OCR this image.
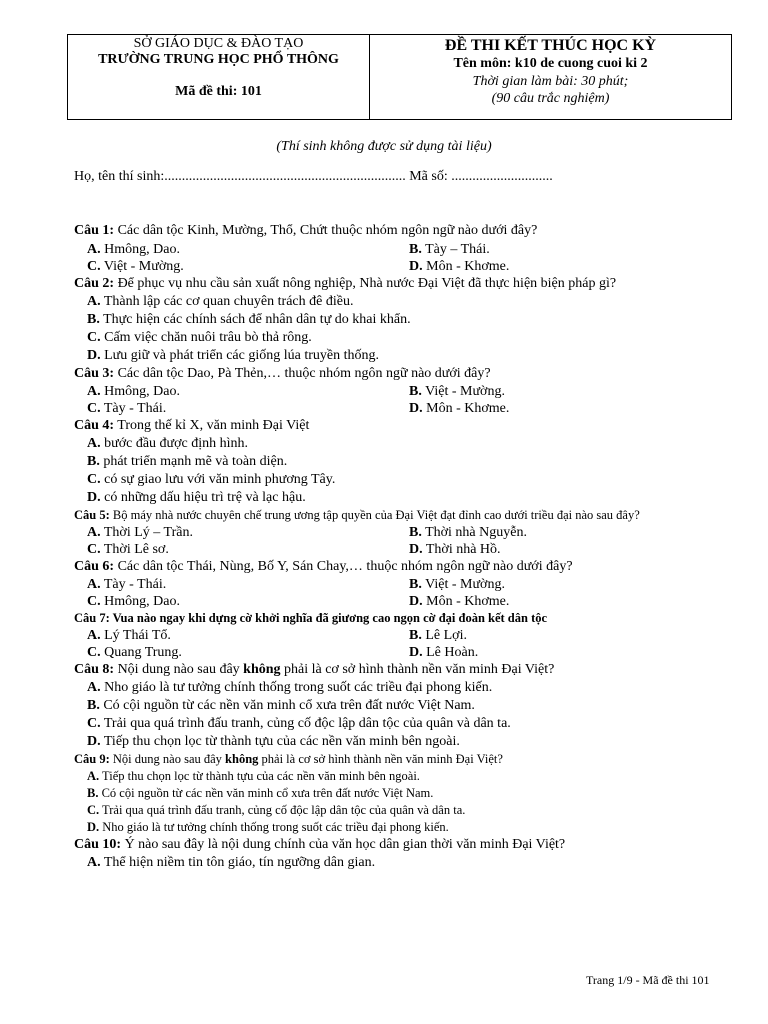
SỞ GIÁO DỤC & ĐÀO TẠO
TRƯỜNG TRUNG HỌC PHỔ THÔNG
Mã đề thi: 101
ĐỀ THI KẾT THÚC HỌC KỲ
Tên môn: k10 de cuong cuoi ki 2
Thời gian làm bài: 30 phút;
(90 câu trắc nghiệm)
(Thí sinh không được sử dụng tài liệu)
Họ, tên thí sinh:..................................................................... Mã số: .............................
Câu 1: Các dân tộc Kinh, Mường, Thổ, Chứt thuộc nhóm ngôn ngữ nào dưới đây?
A. Hmông, Dao.	B. Tày – Thái.
C. Việt - Mường.	D. Môn - Khơme.
Câu 2: Để phục vụ nhu cầu sản xuất nông nghiệp, Nhà nước Đại Việt đã thực hiện biện pháp gì?
A. Thành lập các cơ quan chuyên trách đê điều.
B. Thực hiện các chính sách để nhân dân tự do khai khẩn.
C. Cấm việc chăn nuôi trâu bò thả rông.
D. Lưu giữ và phát triển các giống lúa truyền thống.
Câu 3: Các dân tộc Dao, Pà Thẻn,… thuộc nhóm ngôn ngữ nào dưới đây?
A. Hmông, Dao.	B. Việt - Mường.
C. Tày - Thái.	D. Môn - Khơme.
Câu 4: Trong thế kỉ X, văn minh Đại Việt
A. bước đầu được định hình.
B. phát triển mạnh mẽ và toàn diện.
C. có sự giao lưu với văn minh phương Tây.
D. có những dấu hiệu trì trệ và lạc hậu.
Câu 5: Bộ máy nhà nước chuyên chế trung ương tập quyền của Đại Việt đạt đỉnh cao dưới triều đại nào sau đây?
A. Thời Lý – Trần.	B. Thời nhà Nguyễn.
C. Thời Lê sơ.	D. Thời nhà Hồ.
Câu 6: Các dân tộc Thái, Nùng, Bố Y, Sán Chay,… thuộc nhóm ngôn ngữ nào dưới đây?
A. Tày - Thái.	B. Việt - Mường.
C. Hmông, Dao.	D. Môn - Khơme.
Câu 7: Vua nào ngay khi dựng cờ khởi nghĩa đã giương cao ngọn cờ đại đoàn kết dân tộc
A. Lý Thái Tổ.	B. Lê Lợi.
C. Quang Trung.	D. Lê Hoàn.
Câu 8: Nội dung nào sau đây không phải là cơ sở hình thành nền văn minh Đại Việt?
A. Nho giáo là tư tưởng chính thống trong suốt các triều đại phong kiến.
B. Có cội nguồn từ các nền văn minh cổ xưa trên đất nước Việt Nam.
C. Trải qua quá trình đấu tranh, củng cố độc lập dân tộc của quân và dân ta.
D. Tiếp thu chọn lọc từ thành tựu của các nền văn minh bên ngoài.
Câu 9: Nội dung nào sau đây không phải là cơ sở hình thành nền văn minh Đại Việt?
A. Tiếp thu chọn lọc từ thành tựu của các nền văn minh bên ngoài.
B. Có cội nguồn từ các nền văn minh cổ xưa trên đất nước Việt Nam.
C. Trải qua quá trình đấu tranh, củng cố độc lập dân tộc của quân và dân ta.
D. Nho giáo là tư tưởng chính thống trong suốt các triều đại phong kiến.
Câu 10: Ý nào sau đây là nội dung chính của văn học dân gian thời văn minh Đại Việt?
A. Thể hiện niềm tin tôn giáo, tín ngưỡng dân gian.
Trang 1/9 - Mã đề thi 101
